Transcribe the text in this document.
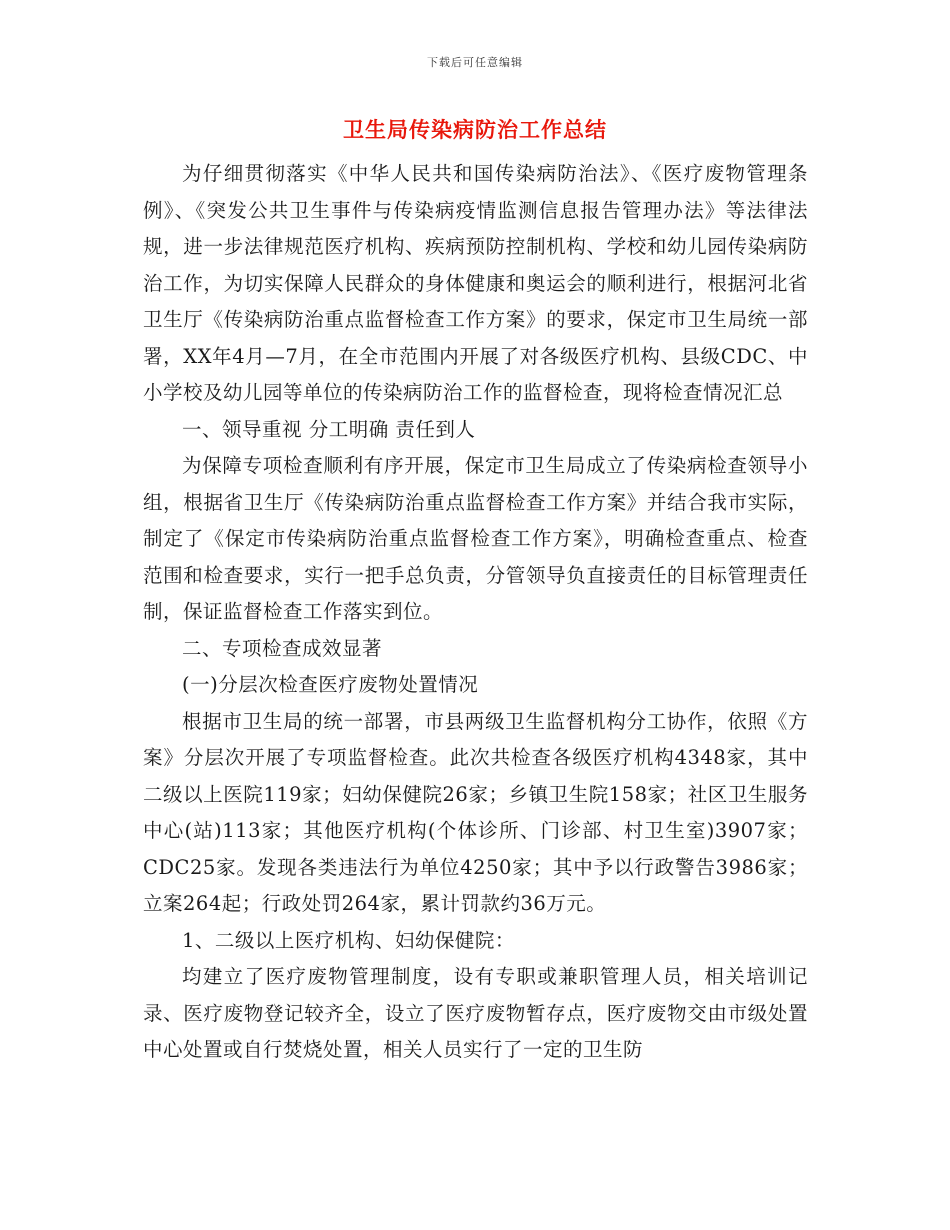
下载后可任意编辑
卫生局传染病防治工作总结

为仔细贯彻落实《中华人民共和国传染病防治法》、《医疗废物管理条例》、《突发公共卫生事件与传染病疫情监测信息报告管理办法》等法律法规，进一步法律规范医疗机构、疾病预防控制机构、学校和幼儿园传染病防治工作，为切实保障人民群众的身体健康和奥运会的顺利进行，根据河北省卫生厅《传染病防治重点监督检查工作方案》的要求，保定市卫生局统一部署，XX年4月—7月，在全市范围内开展了对各级医疗机构、县级CDC、中小学校及幼儿园等单位的传染病防治工作的监督检查，现将检查情况汇总

一、领导重视 分工明确 责任到人

为保障专项检查顺利有序开展，保定市卫生局成立了传染病检查领导小组，根据省卫生厅《传染病防治重点监督检查工作方案》并结合我市实际，制定了《保定市传染病防治重点监督检查工作方案》，明确检查重点、检查范围和检查要求，实行一把手总负责，分管领导负直接责任的目标管理责任制，保证监督检查工作落实到位。

二、专项检查成效显著

(一)分层次检查医疗废物处置情况

根据市卫生局的统一部署，市县两级卫生监督机构分工协作，依照《方案》分层次开展了专项监督检查。此次共检查各级医疗机构4348家，其中二级以上医院119家；妇幼保健院26家；乡镇卫生院158家；社区卫生服务中心(站)113家；其他医疗机构(个体诊所、门诊部、村卫生室)3907家；CDC25家。发现各类违法行为单位4250家；其中予以行政警告3986家；立案264起；行政处罚264家，累计罚款约36万元。

1、二级以上医疗机构、妇幼保健院：

均建立了医疗废物管理制度，设有专职或兼职管理人员，相关培训记录、医疗废物登记较齐全，设立了医疗废物暂存点，医疗废物交由市级处置中心处置或自行焚烧处置，相关人员实行了一定的卫生防
